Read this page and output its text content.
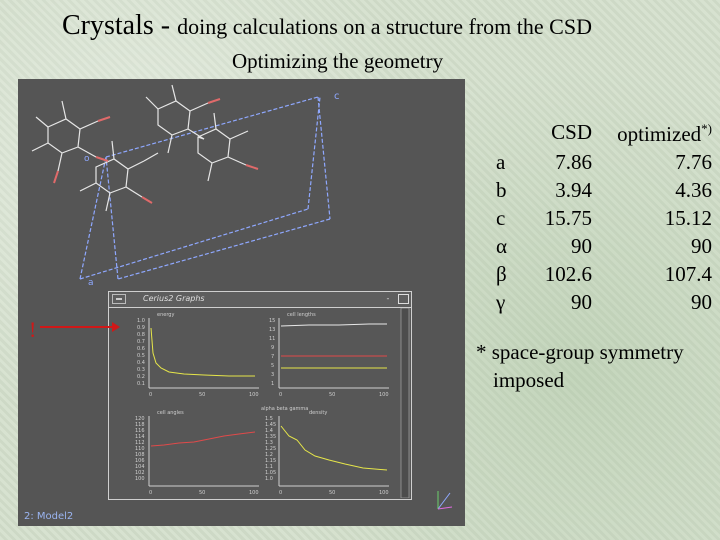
Crystals - doing calculations on a structure from the CSD
Optimizing the geometry
c
o
a
2: Model2
Cerius2 Graphs	-
energy	cell lengths
cell angles	density
alpha beta gamma
1.0
0.9
0.8
0.7
0.6
0.5
0.4
0.3
0.2
0.1
0	50	100
15
13
11
9
7
5
3
1
0	50	100
120
118
116
114
112
110
108
106
104
102
100
0	50	100
1.5
1.45
1.4
1.35
1.3
1.25
1.2
1.15
1.1
1.05
1.0
0	50	100
!
	CSD	optimized*)
a	7.86	7.76
b	3.94	4.36
c	15.75	15.12
α	90	90
β	102.6	107.4
γ	90	90

* space-group symmetry
imposed
